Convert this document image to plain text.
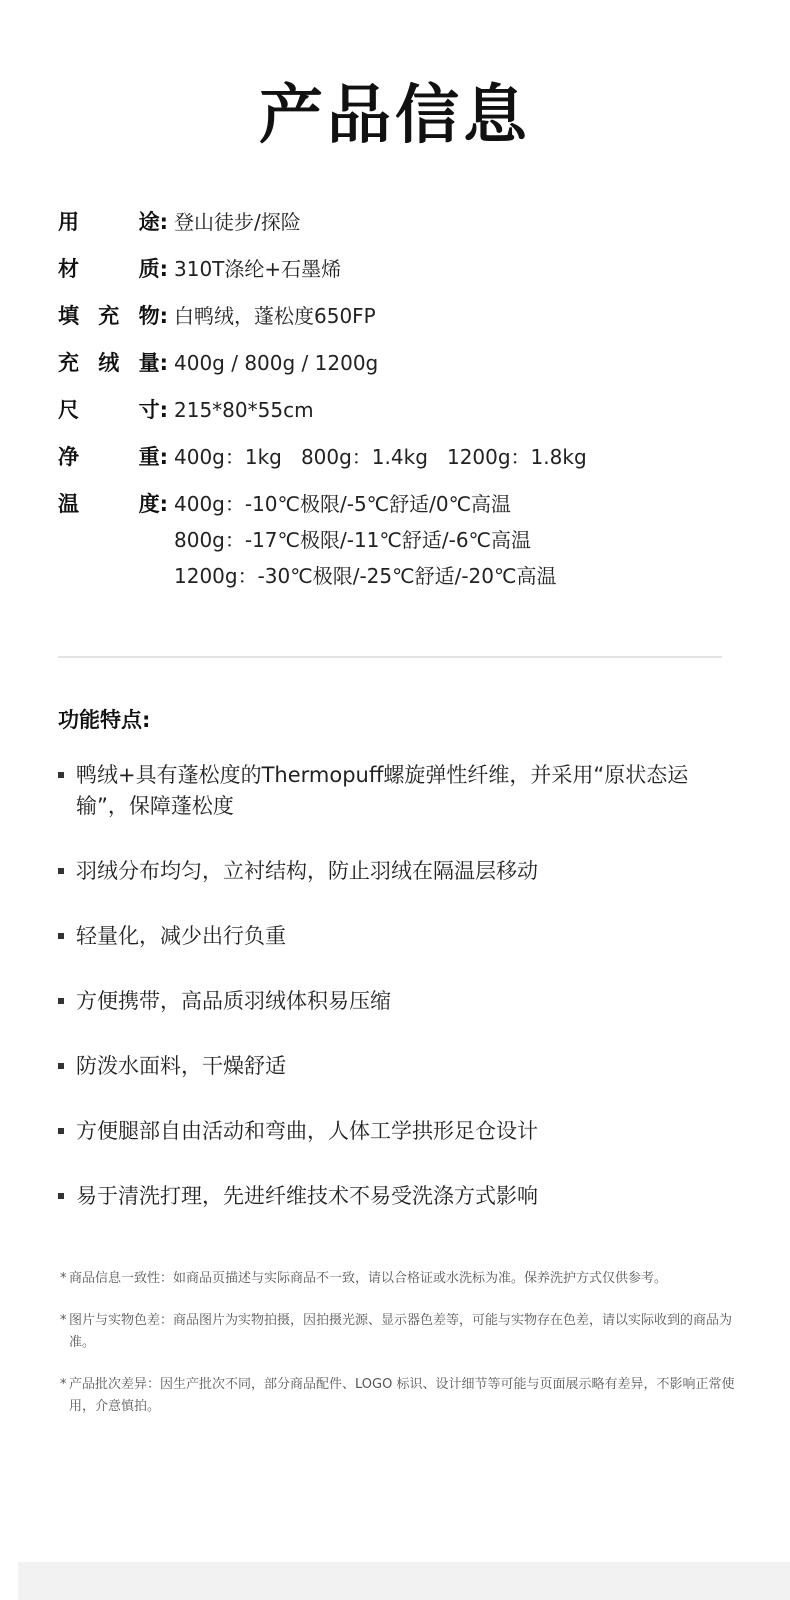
产品信息
用	途: 登山徒步/探险
材	质: 310T涤纶+石墨烯
填 充 物: 白鸭绒，蓬松度650FP
充 绒 量: 400g / 800g / 1200g
尺	寸: 215*80*55cm
净	重: 400g：1kg   800g：1.4kg   1200g：1.8kg
温	度: 400g：-10℃极限/-5℃舒适/0℃高温
800g：-17℃极限/-11℃舒适/-6℃高温
1200g：-30℃极限/-25℃舒适/-20℃高温
功能特点:
鸭绒+具有蓬松度的Thermopuff螺旋弹性纤维，并采用“原状态运输”，保障蓬松度
羽绒分布均匀，立衬结构，防止羽绒在隔温层移动
轻量化，减少出行负重
方便携带，高品质羽绒体积易压缩
防泼水面料，干燥舒适
方便腿部自由活动和弯曲，人体工学拱形足仓设计
易于清洗打理，先进纤维技术不易受洗涤方式影响
* 商品信息一致性：如商品页描述与实际商品不一致，请以合格证或水洗标为准。保养洗护方式仅供参考。
* 图片与实物色差：商品图片为实物拍摄，因拍摄光源、显示器色差等，可能与实物存在色差，请以实际收到的商品为准。
* 产品批次差异：因生产批次不同，部分商品配件、LOGO 标识、设计细节等可能与页面展示略有差异，不影响正常使用，介意慎拍。
